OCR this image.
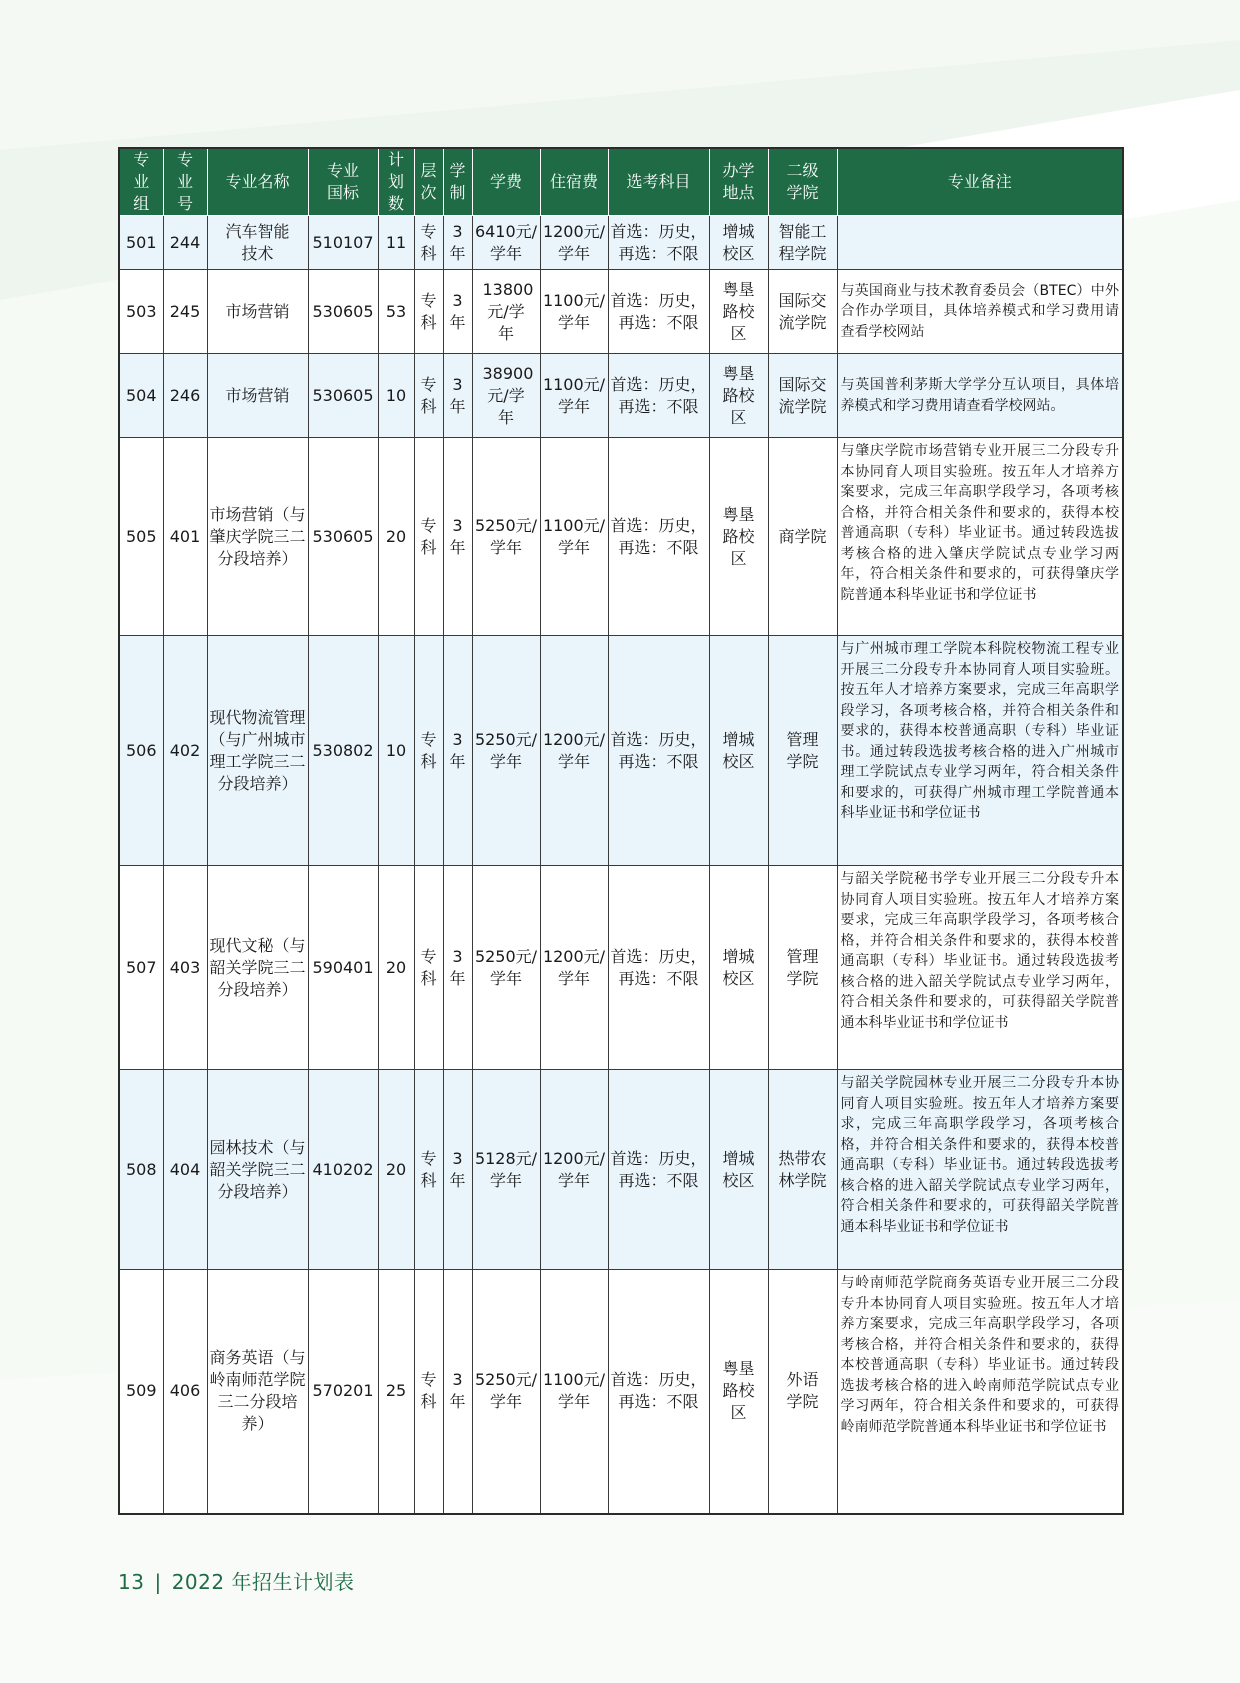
专业组	专业号	专业名称	专业国标	计划数	层次	学制	学费	住宿费	选考科目	办学地点	二级学院	专业备注
501	244	汽车智能技术	510107	11	专科	3年	6410元/学年	1200元/学年	首选：历史，再选：不限	增城校区	智能工程学院	
503	245	市场营销	530605	53	专科	3年	13800元/学年	1100元/学年	首选：历史，再选：不限	粤垦路校区	国际交流学院	与英国商业与技术教育委员会（BTEC）中外合作办学项目，具体培养模式和学习费用请查看学校网站
504	246	市场营销	530605	10	专科	3年	38900元/学年	1100元/学年	首选：历史，再选：不限	粤垦路校区	国际交流学院	与英国普利茅斯大学学分互认项目，具体培养模式和学习费用请查看学校网站。
505	401	市场营销（与肇庆学院三二分段培养）	530605	20	专科	3年	5250元/学年	1100元/学年	首选：历史，再选：不限	粤垦路校区	商学院	与肇庆学院市场营销专业开展三二分段专升本协同育人项目实验班。按五年人才培养方案要求，完成三年高职学段学习，各项考核合格，并符合相关条件和要求的，获得本校普通高职（专科）毕业证书。通过转段选拔考核合格的进入肇庆学院试点专业学习两年，符合相关条件和要求的，可获得肇庆学院普通本科毕业证书和学位证书
506	402	现代物流管理（与广州城市理工学院三二分段培养）	530802	10	专科	3年	5250元/学年	1200元/学年	首选：历史，再选：不限	增城校区	管理学院	与广州城市理工学院本科院校物流工程专业开展三二分段专升本协同育人项目实验班。按五年人才培养方案要求，完成三年高职学段学习，各项考核合格，并符合相关条件和要求的，获得本校普通高职（专科）毕业证书。通过转段选拔考核合格的进入广州城市理工学院试点专业学习两年，符合相关条件和要求的，可获得广州城市理工学院普通本科毕业证书和学位证书
507	403	现代文秘（与韶关学院三二分段培养）	590401	20	专科	3年	5250元/学年	1200元/学年	首选：历史，再选：不限	增城校区	管理学院	与韶关学院秘书学专业开展三二分段专升本协同育人项目实验班。按五年人才培养方案要求，完成三年高职学段学习，各项考核合格，并符合相关条件和要求的，获得本校普通高职（专科）毕业证书。通过转段选拔考核合格的进入韶关学院试点专业学习两年，符合相关条件和要求的，可获得韶关学院普通本科毕业证书和学位证书
508	404	园林技术（与韶关学院三二分段培养）	410202	20	专科	3年	5128元/学年	1200元/学年	首选：历史，再选：不限	增城校区	热带农林学院	与韶关学院园林专业开展三二分段专升本协同育人项目实验班。按五年人才培养方案要求，完成三年高职学段学习，各项考核合格，并符合相关条件和要求的，获得本校普通高职（专科）毕业证书。通过转段选拔考核合格的进入韶关学院试点专业学习两年，符合相关条件和要求的，可获得韶关学院普通本科毕业证书和学位证书
509	406	商务英语（与岭南师范学院三二分段培养）	570201	25	专科	3年	5250元/学年	1100元/学年	首选：历史，再选：不限	粤垦路校区	外语学院	与岭南师范学院商务英语专业开展三二分段专升本协同育人项目实验班。按五年人才培养方案要求，完成三年高职学段学习，各项考核合格，并符合相关条件和要求的，获得本校普通高职（专科）毕业证书。通过转段选拔考核合格的进入岭南师范学院试点专业学习两年，符合相关条件和要求的，可获得岭南师范学院普通本科毕业证书和学位证书
13 | 2022 年招生计划表
